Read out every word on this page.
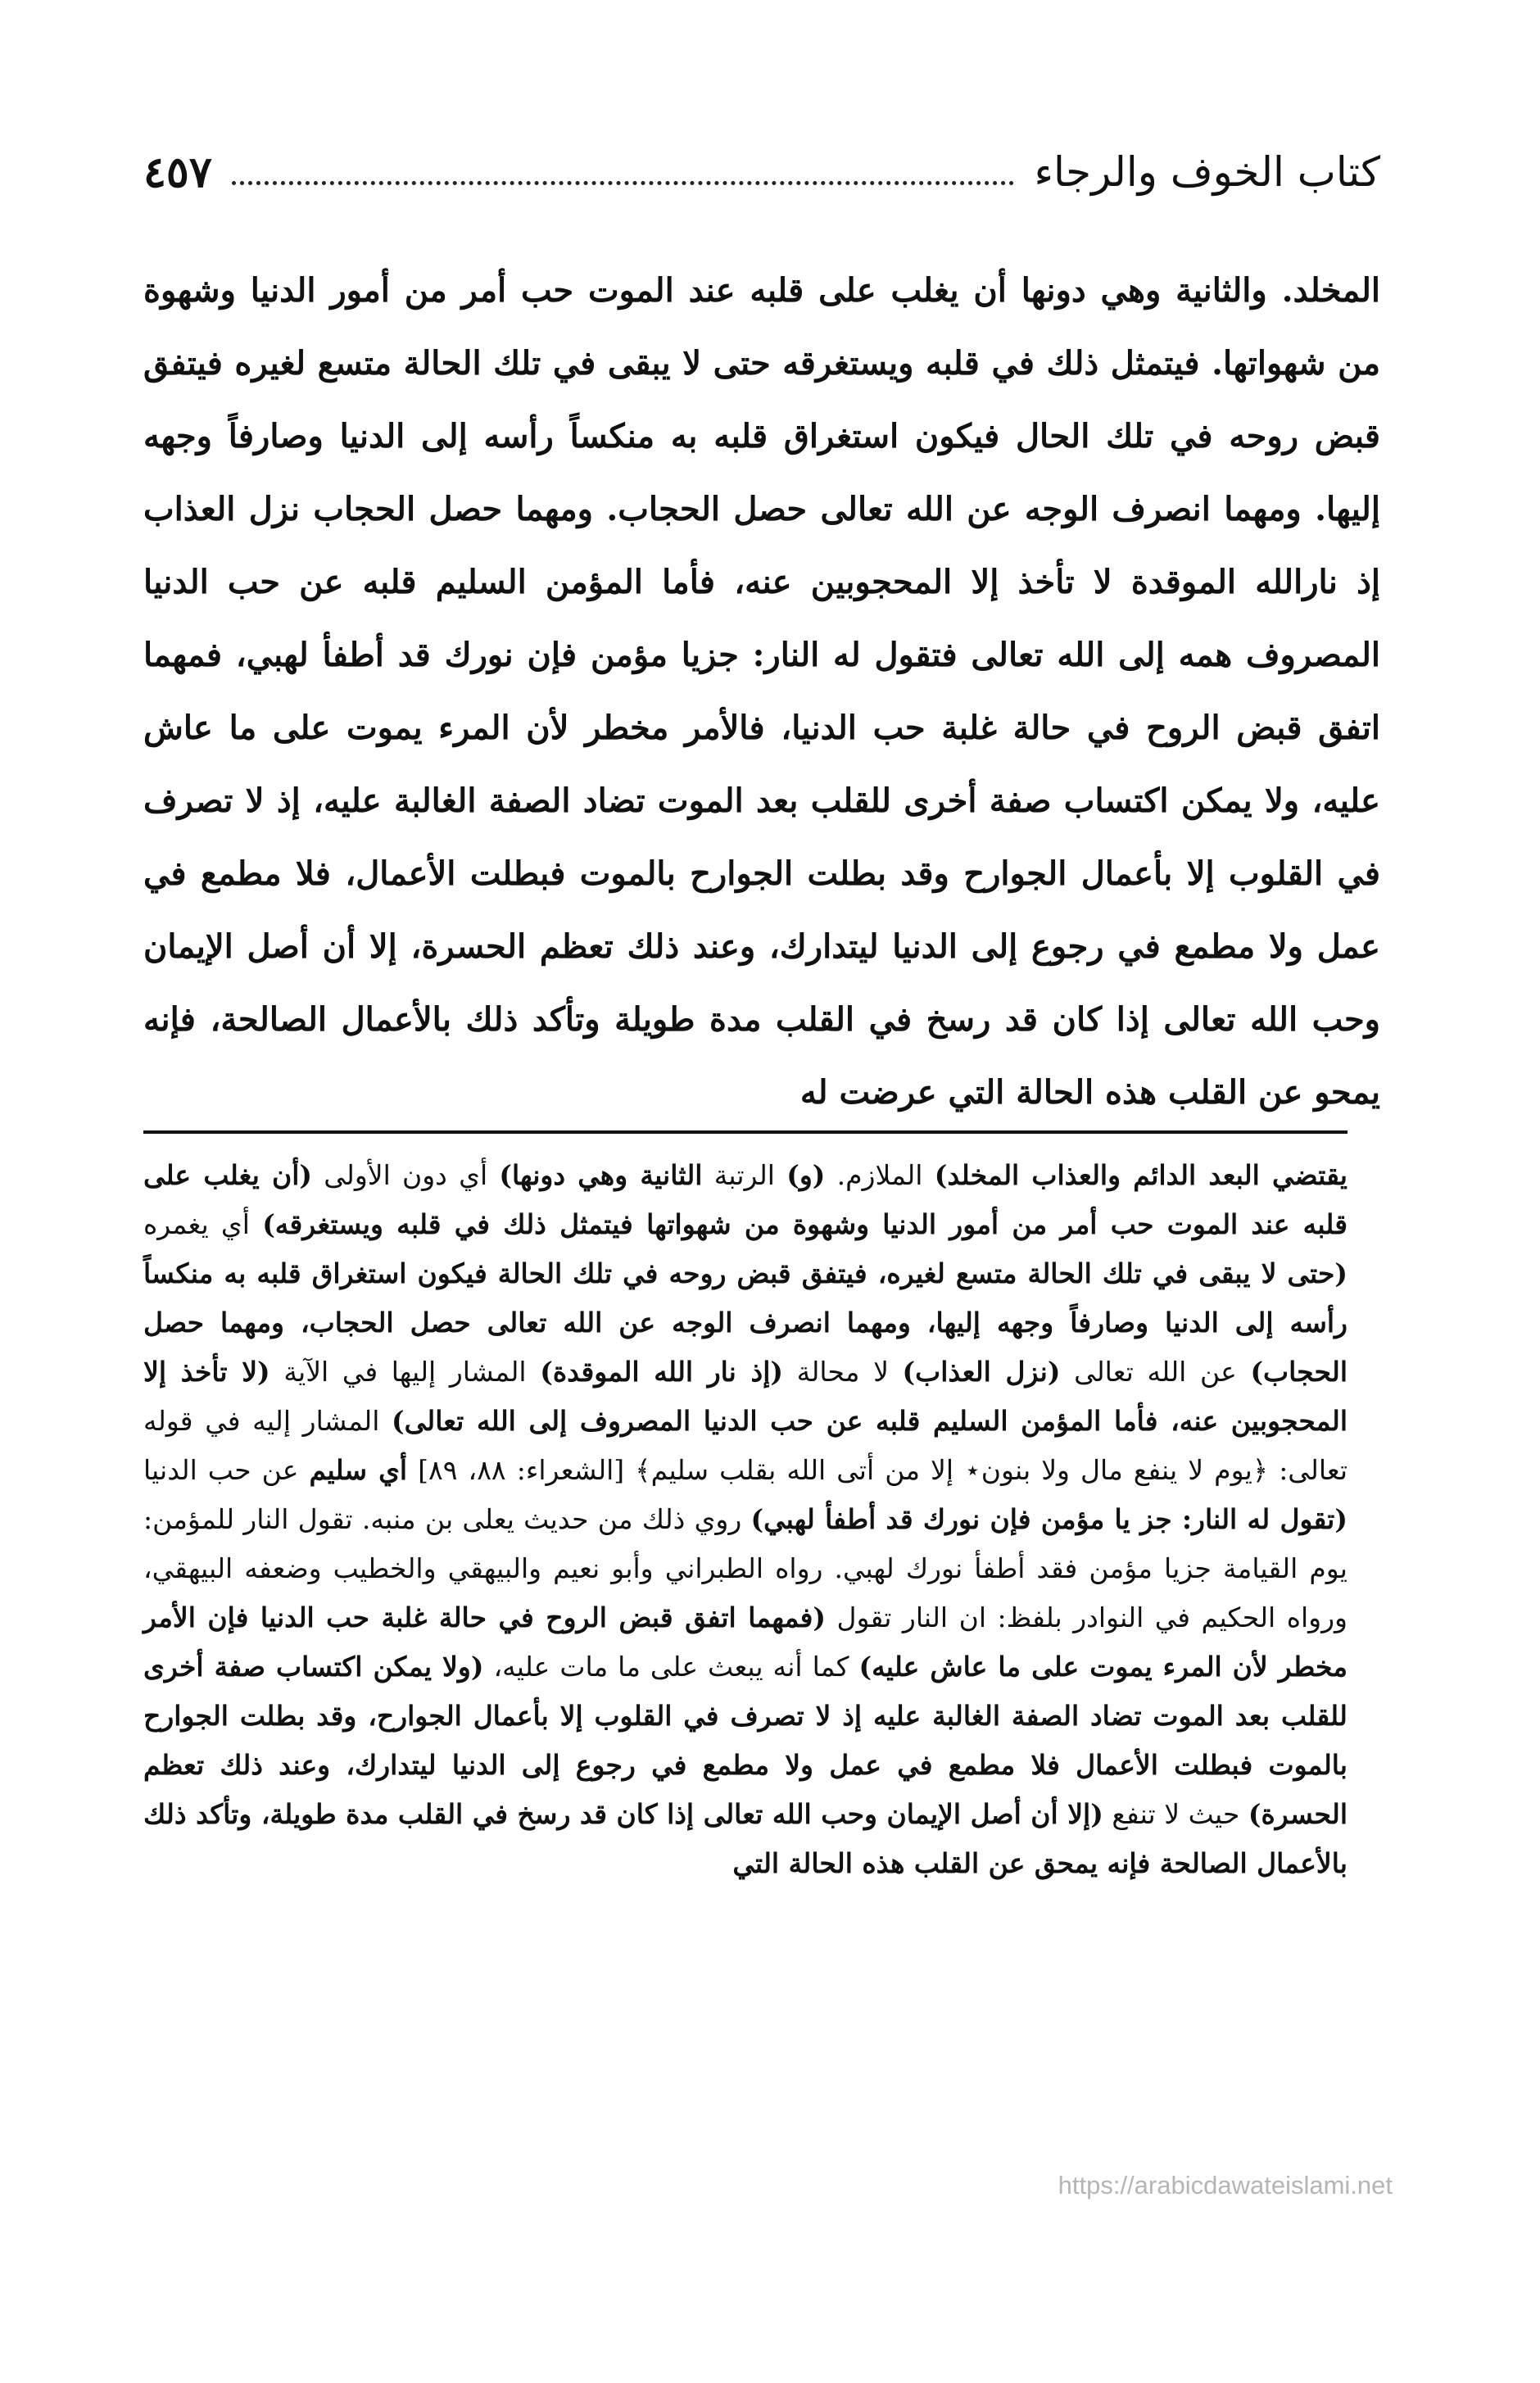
كتاب الخوف والرجاء
٤٥٧
المخلد. والثانية وهي دونها أن يغلب على قلبه عند الموت حب أمر من أمور الدنيا وشهوة من شهواتها. فيتمثل ذلك في قلبه ويستغرقه حتى لا يبقى في تلك الحالة متسع لغيره فيتفق قبض روحه في تلك الحال فيكون استغراق قلبه به منكساً رأسه إلى الدنيا وصارفاً وجهه إليها. ومهما انصرف الوجه عن الله تعالى حصل الحجاب. ومهما حصل الحجاب نزل العذاب إذ نارالله الموقدة لا تأخذ إلا المحجوبين عنه، فأما المؤمن السليم قلبه عن حب الدنيا المصروف همه إلى الله تعالى فتقول له النار: جزيا مؤمن فإن نورك قد أطفأ لهبي، فمهما اتفق قبض الروح في حالة غلبة حب الدنيا، فالأمر مخطر لأن المرء يموت على ما عاش عليه، ولا يمكن اكتساب صفة أخرى للقلب بعد الموت تضاد الصفة الغالبة عليه، إذ لا تصرف في القلوب إلا بأعمال الجوارح وقد بطلت الجوارح بالموت فبطلت الأعمال، فلا مطمع في عمل ولا مطمع في رجوع إلى الدنيا ليتدارك، وعند ذلك تعظم الحسرة، إلا أن أصل الإيمان وحب الله تعالى إذا كان قد رسخ في القلب مدة طويلة وتأكد ذلك بالأعمال الصالحة، فإنه يمحو عن القلب هذه الحالة التي عرضت له
يقتضي البعد الدائم والعذاب المخلد) الملازم. (و) الرتبة الثانية وهي دونها) أي دون الأولى (أن يغلب على قلبه عند الموت حب أمر من أمور الدنيا وشهوة من شهواتها فيتمثل ذلك في قلبه ويستغرقه) أي يغمره (حتى لا يبقى في تلك الحالة متسع لغيره، فيتفق قبض روحه في تلك الحالة فيكون استغراق قلبه به منكساً رأسه إلى الدنيا وصارفاً وجهه إليها، ومهما انصرف الوجه عن الله تعالى حصل الحجاب، ومهما حصل الحجاب) عن الله تعالى (نزل العذاب) لا محالة (إذ نار الله الموقدة) المشار إليها في الآية (لا تأخذ إلا المحجوبين عنه، فأما المؤمن السليم قلبه عن حب الدنيا المصروف إلى الله تعالى) المشار إليه في قوله تعالى: ﴿يوم لا ينفع مال ولا بنون⋆ إلا من أتى الله بقلب سليم﴾ [الشعراء: ٨٨، ٨٩] أي سليم عن حب الدنيا (تقول له النار: جز يا مؤمن فإن نورك قد أطفأ لهبي) روي ذلك من حديث يعلى بن منبه. تقول النار للمؤمن: يوم القيامة جزيا مؤمن فقد أطفأ نورك لهبي. رواه الطبراني وأبو نعيم والبيهقي والخطيب وضعفه البيهقي، ورواه الحكيم في النوادر بلفظ: ان النار تقول (فمهما اتفق قبض الروح في حالة غلبة حب الدنيا فإن الأمر مخطر لأن المرء يموت على ما عاش عليه) كما أنه يبعث على ما مات عليه، (ولا يمكن اكتساب صفة أخرى للقلب بعد الموت تضاد الصفة الغالبة عليه إذ لا تصرف في القلوب إلا بأعمال الجوارح، وقد بطلت الجوارح بالموت فبطلت الأعمال فلا مطمع في عمل ولا مطمع في رجوع إلى الدنيا ليتدارك، وعند ذلك تعظم الحسرة) حيث لا تنفع (إلا أن أصل الإيمان وحب الله تعالى إذا كان قد رسخ في القلب مدة طويلة، وتأكد ذلك بالأعمال الصالحة فإنه يمحق عن القلب هذه الحالة التي
https://arabicdawateislami.net
